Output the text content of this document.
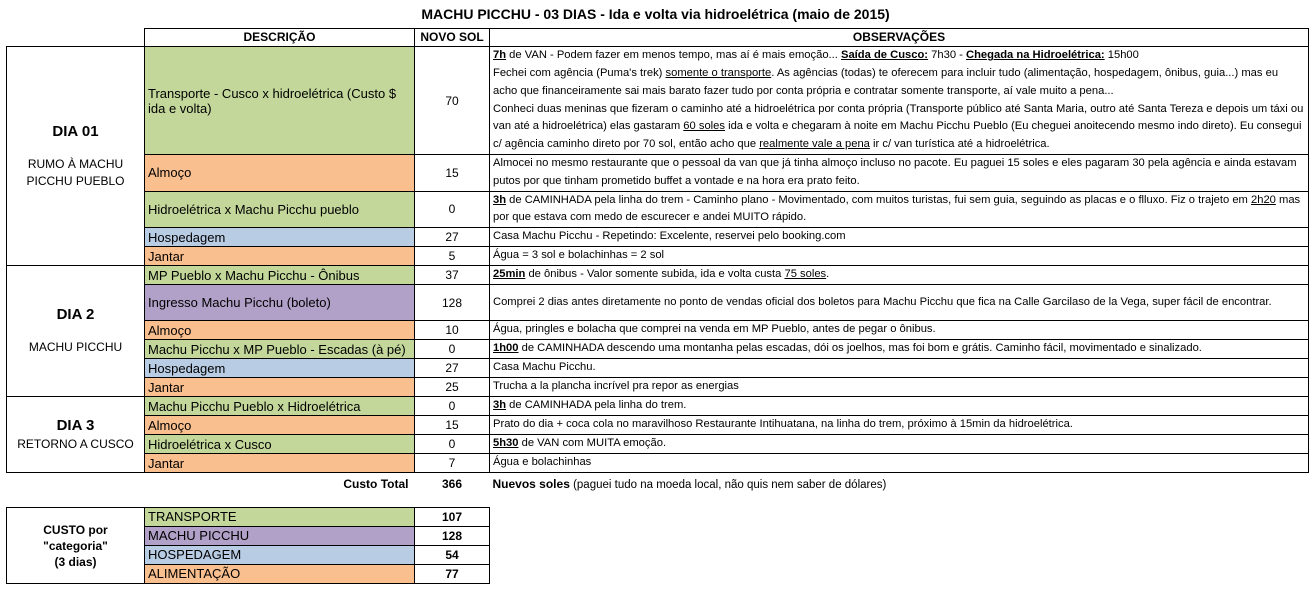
MACHU PICCHU - 03 DIAS - Ida e volta via hidroelétrica (maio de 2015)
	DESCRIÇÃO	NOVO SOL	OBSERVAÇÕES

DIA 01
RUMO À MACHU PICCHU PUEBLO	Transporte - Cusco x hidroelétrica (Custo $ ida e volta)	70	7h de VAN - Podem fazer em menos tempo, mas aí é mais emoção... Saída de Cusco: 7h30 - Chegada na Hidroelétrica: 15h00
Fechei com agência (Puma's trek) somente o transporte. As agências (todas) te oferecem para incluir tudo (alimentação, hospedagem, ônibus, guia...) mas eu acho que financeiramente sai mais barato fazer tudo por conta própria e contratar somente transporte, aí vale muito a pena...
Conheci duas meninas que fizeram o caminho até a hidroelétrica por conta própria (Transporte público até Santa Maria, outro até Santa Tereza e depois um táxi ou van até a hidroelétrica) elas gastaram 60 soles ida e volta e chegaram à noite em Machu Picchu Pueblo (Eu cheguei anoitecendo mesmo indo direto). Eu consegui c/ agência caminho direto por 70 sol, então acho que realmente vale a pena ir c/ van turística até a hidroelétrica.
	Almoço	15	Almocei no mesmo restaurante que o pessoal da van que já tinha almoço incluso no pacote. Eu paguei 15 soles e eles pagaram 30 pela agência e ainda estavam putos por que tinham prometido buffet a vontade e na hora era prato feito.
	Hidroelétrica x Machu Picchu pueblo	0	3h de CAMINHADA pela linha do trem - Caminho plano - Movimentado, com muitos turistas, fui sem guia, seguindo as placas e o flluxo. Fiz o trajeto em 2h20 mas por que estava com medo de escurecer e andei MUITO rápido.
	Hospedagem	27	Casa Machu Picchu - Repetindo: Excelente, reservei pelo booking.com
	Jantar	5	Água = 3 sol e bolachinhas = 2 sol

DIA 2
MACHU PICCHU	MP Pueblo x Machu Picchu - Ônibus	37	25min de ônibus - Valor somente subida, ida e volta custa 75 soles.
	Ingresso Machu Picchu (boleto)	128	Comprei 2 dias antes diretamente no ponto de vendas oficial dos boletos para Machu Picchu que fica na Calle Garcilaso de la Vega, super fácil de encontrar.
	Almoço	10	Água, pringles e bolacha que comprei na venda em MP Pueblo, antes de pegar o ônibus.
	Machu Picchu x MP Pueblo - Escadas (à pé)	0	1h00 de CAMINHADA descendo uma montanha pelas escadas, dói os joelhos, mas foi bom e grátis. Caminho fácil, movimentado e sinalizado.
	Hospedagem	27	Casa Machu Picchu.
	Jantar	25	Trucha a la plancha incrível pra repor as energias

DIA 3
RETORNO A CUSCO	Machu Picchu Pueblo x Hidroelétrica	0	3h de CAMINHADA pela linha do trem.
	Almoço	15	Prato do dia + coca cola no maravilhoso Restaurante Intihuatana, na linha do trem, próximo à 15min da hidroelétrica.
	Hidroelétrica x Cusco	0	5h30 de VAN com MUITA emoção.
	Jantar	7	Água e bolachinhas
	Custo Total	366	Nuevos soles (paguei tudo na moeda local, não quis nem saber de dólares)
CUSTO por
"categoria"
(3 dias)	TRANSPORTE	107
	MACHU PICCHU	128
	HOSPEDAGEM	54
	ALIMENTAÇÃO	77
